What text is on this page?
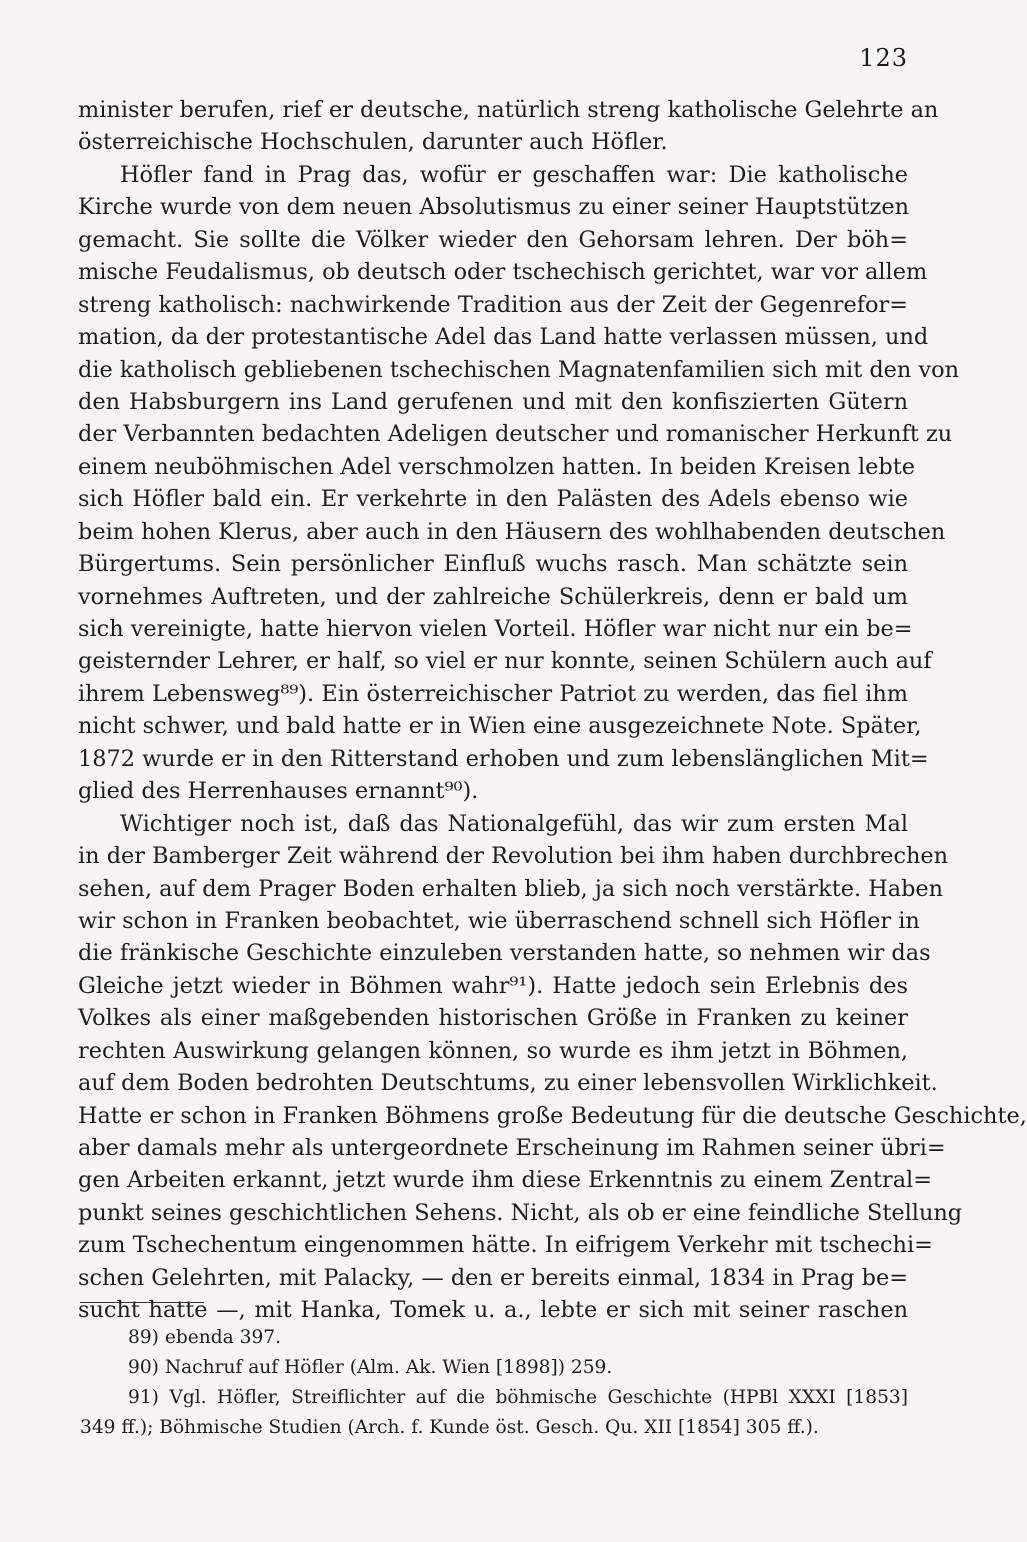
123
minister berufen, rief er deutsche, natürlich streng katholische Gelehrte an
österreichische Hochschulen, darunter auch Höfler.
Höfler fand in Prag das, wofür er geschaffen war: Die katholische
Kirche wurde von dem neuen Absolutismus zu einer seiner Hauptstützen
gemacht. Sie sollte die Völker wieder den Gehorsam lehren. Der böh=
mische Feudalismus, ob deutsch oder tschechisch gerichtet, war vor allem
streng katholisch: nachwirkende Tradition aus der Zeit der Gegenrefor=
mation, da der protestantische Adel das Land hatte verlassen müssen, und
die katholisch gebliebenen tschechischen Magnatenfamilien sich mit den von
den Habsburgern ins Land gerufenen und mit den konfiszierten Gütern
der Verbannten bedachten Adeligen deutscher und romanischer Herkunft zu
einem neuböhmischen Adel verschmolzen hatten. In beiden Kreisen lebte
sich Höfler bald ein. Er verkehrte in den Palästen des Adels ebenso wie
beim hohen Klerus, aber auch in den Häusern des wohlhabenden deutschen
Bürgertums. Sein persönlicher Einfluß wuchs rasch. Man schätzte sein
vornehmes Auftreten, und der zahlreiche Schülerkreis, denn er bald um
sich vereinigte, hatte hiervon vielen Vorteil. Höfler war nicht nur ein be=
geisternder Lehrer, er half, so viel er nur konnte, seinen Schülern auch auf
ihrem Lebensweg⁸⁹). Ein österreichischer Patriot zu werden, das fiel ihm
nicht schwer, und bald hatte er in Wien eine ausgezeichnete Note. Später,
1872 wurde er in den Ritterstand erhoben und zum lebenslänglichen Mit=
glied des Herrenhauses ernannt⁹⁰).
Wichtiger noch ist, daß das Nationalgefühl, das wir zum ersten Mal
in der Bamberger Zeit während der Revolution bei ihm haben durchbrechen
sehen, auf dem Prager Boden erhalten blieb, ja sich noch verstärkte. Haben
wir schon in Franken beobachtet, wie überraschend schnell sich Höfler in
die fränkische Geschichte einzuleben verstanden hatte, so nehmen wir das
Gleiche jetzt wieder in Böhmen wahr⁹¹). Hatte jedoch sein Erlebnis des
Volkes als einer maßgebenden historischen Größe in Franken zu keiner
rechten Auswirkung gelangen können, so wurde es ihm jetzt in Böhmen,
auf dem Boden bedrohten Deutschtums, zu einer lebensvollen Wirklichkeit.
Hatte er schon in Franken Böhmens große Bedeutung für die deutsche Geschichte,
aber damals mehr als untergeordnete Erscheinung im Rahmen seiner übri=
gen Arbeiten erkannt, jetzt wurde ihm diese Erkenntnis zu einem Zentral=
punkt seines geschichtlichen Sehens. Nicht, als ob er eine feindliche Stellung
zum Tschechentum eingenommen hätte. In eifrigem Verkehr mit tschechi=
schen Gelehrten, mit Palacky, — den er bereits einmal, 1834 in Prag be=
sucht hatte —, mit Hanka, Tomek u. a., lebte er sich mit seiner raschen
89) ebenda 397.
90) Nachruf auf Höfler (Alm. Ak. Wien [1898]) 259.
91) Vgl. Höfler, Streiflichter auf die böhmische Geschichte (HPBl XXXI [1853]
349 ff.); Böhmische Studien (Arch. f. Kunde öst. Gesch. Qu. XII [1854] 305 ff.).
